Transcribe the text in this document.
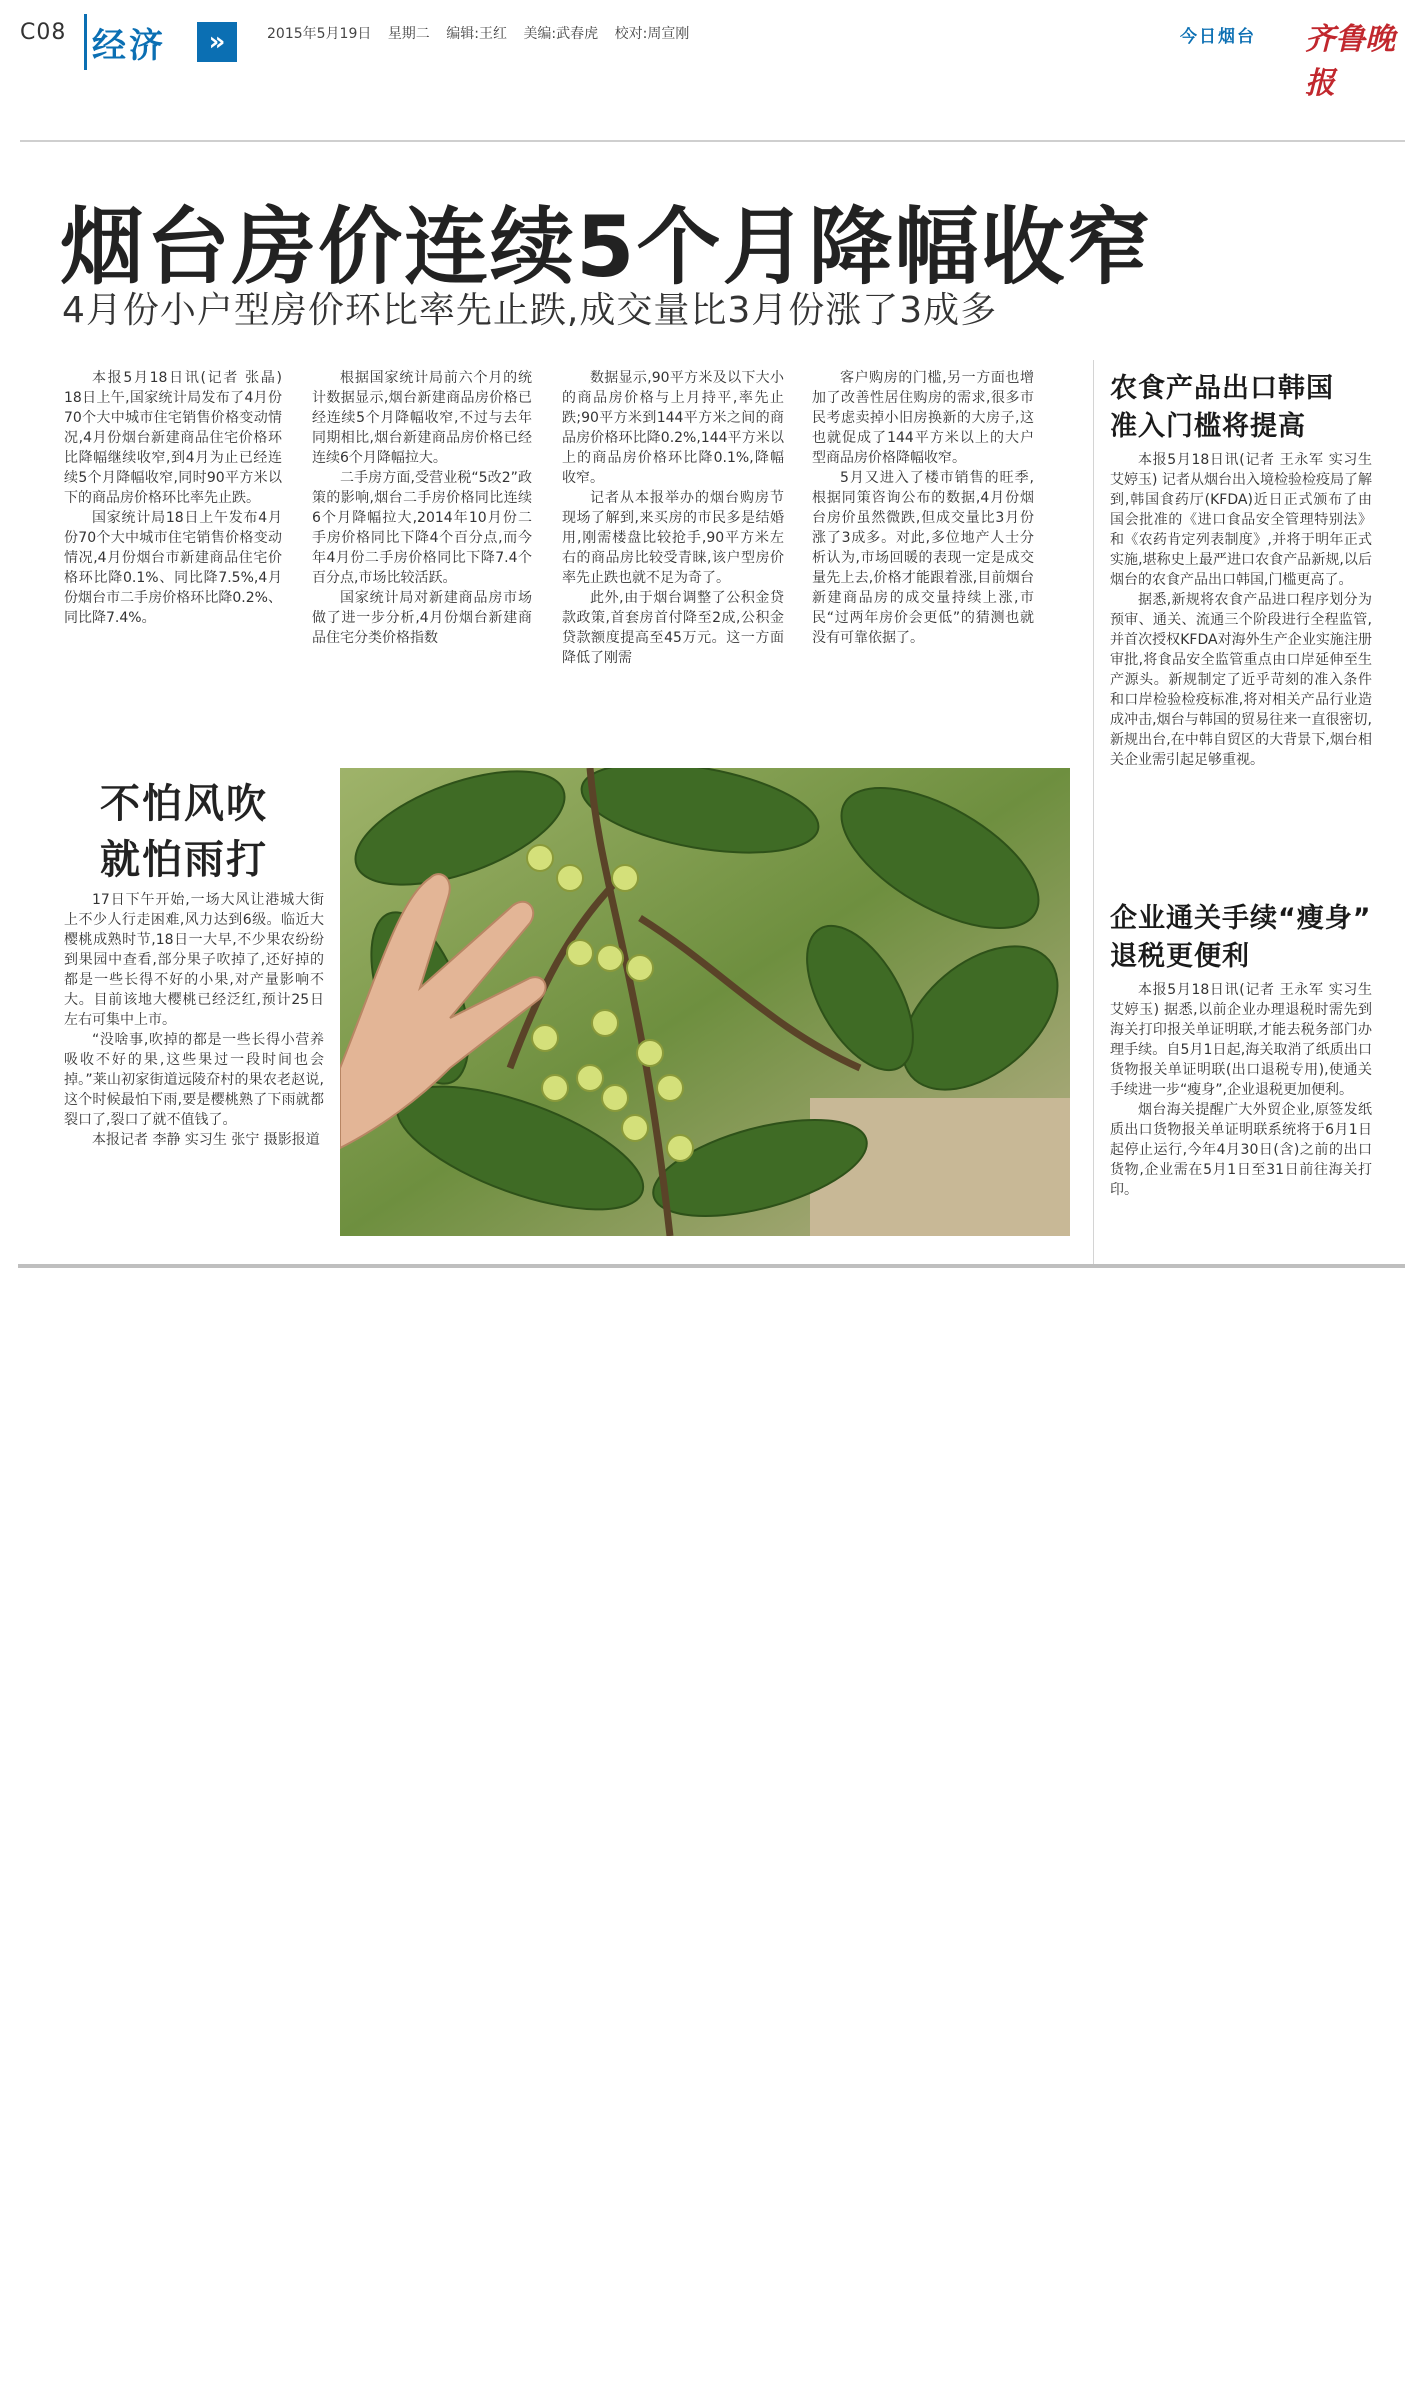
C08 经济	»	2015年5月19日 星期二 编辑:王红 美编:武春虎 校对:周宣刚	今日烟台 齐鲁晚报
烟台房价连续5个月降幅收窄
4月份小户型房价环比率先止跌,成交量比3月份涨了3成多

本报5月18日讯(记者 张晶) 18日上午,国家统计局发布了4月份70个大中城市住宅销售价格变动情况,4月份烟台新建商品住宅价格环比降幅继续收窄,到4月为止已经连续5个月降幅收窄,同时90平方米以下的商品房价格环比率先止跌。

国家统计局18日上午发布4月份70个大中城市住宅销售价格变动情况,4月份烟台市新建商品住宅价格环比降0.1%、同比降7.5%,4月份烟台市二手房价格环比降0.2%、同比降7.4%。

根据国家统计局前六个月的统计数据显示,烟台新建商品房价格已经连续5个月降幅收窄,不过与去年同期相比,烟台新建商品房价格已经连续6个月降幅拉大。

二手房方面,受营业税“5改2”政策的影响,烟台二手房价格同比连续6个月降幅拉大,2014年10月份二手房价格同比下降4个百分点,而今年4月份二手房价格同比下降7.4个百分点,市场比较活跃。

国家统计局对新建商品房市场做了进一步分析,4月份烟台新建商品住宅分类价格指数

数据显示,90平方米及以下大小的商品房价格与上月持平,率先止跌;90平方米到144平方米之间的商品房价格环比降0.2%,144平方米以上的商品房价格环比降0.1%,降幅收窄。

记者从本报举办的烟台购房节现场了解到,来买房的市民多是结婚用,刚需楼盘比较抢手,90平方米左右的商品房比较受青睐,该户型房价率先止跌也就不足为奇了。

此外,由于烟台调整了公积金贷款政策,首套房首付降至2成,公积金贷款额度提高至45万元。这一方面降低了刚需

客户购房的门槛,另一方面也增加了改善性居住购房的需求,很多市民考虑卖掉小旧房换新的大房子,这也就促成了144平方米以上的大户型商品房价格降幅收窄。

5月又进入了楼市销售的旺季,根据同策咨询公布的数据,4月份烟台房价虽然微跌,但成交量比3月份涨了3成多。对此,多位地产人士分析认为,市场回暖的表现一定是成交量先上去,价格才能跟着涨,目前烟台新建商品房的成交量持续上涨,市民“过两年房价会更低”的猜测也就没有可靠依据了。

农食产品出口韩国
准入门槛将提高

本报5月18日讯(记者 王永军 实习生 艾婷玉) 记者从烟台出入境检验检疫局了解到,韩国食药厅(KFDA)近日正式颁布了由国会批准的《进口食品安全管理特别法》和《农药肯定列表制度》,并将于明年正式实施,堪称史上最严进口农食产品新规,以后烟台的农食产品出口韩国,门槛更高了。

据悉,新规将农食产品进口程序划分为预审、通关、流通三个阶段进行全程监管,并首次授权KFDA对海外生产企业实施注册审批,将食品安全监管重点由口岸延伸至生产源头。新规制定了近乎苛刻的准入条件和口岸检验检疫标准,将对相关产品行业造成冲击,烟台与韩国的贸易往来一直很密切,新规出台,在中韩自贸区的大背景下,烟台相关企业需引起足够重视。

企业通关手续“瘦身”
退税更便利

本报5月18日讯(记者 王永军 实习生 艾婷玉) 据悉,以前企业办理退税时需先到海关打印报关单证明联,才能去税务部门办理手续。自5月1日起,海关取消了纸质出口货物报关单证明联(出口退税专用),使通关手续进一步“瘦身”,企业退税更加便利。

烟台海关提醒广大外贸企业,原签发纸质出口货物报关单证明联系统将于6月1日起停止运行,今年4月30日(含)之前的出口货物,企业需在5月1日至31日前往海关打印。

不怕风吹
就怕雨打

17日下午开始,一场大风让港城大街上不少人行走困难,风力达到6级。临近大樱桃成熟时节,18日一大早,不少果农纷纷到果园中查看,部分果子吹掉了,还好掉的都是一些长得不好的小果,对产量影响不大。目前该地大樱桃已经泛红,预计25日左右可集中上市。

“没啥事,吹掉的都是一些长得小营养吸收不好的果,这些果过一段时间也会掉。”莱山初家街道远陵夼村的果农老赵说,这个时候最怕下雨,要是樱桃熟了下雨就都裂口了,裂口了就不值钱了。

本报记者 李静 实习生 张宁 摄影报道
